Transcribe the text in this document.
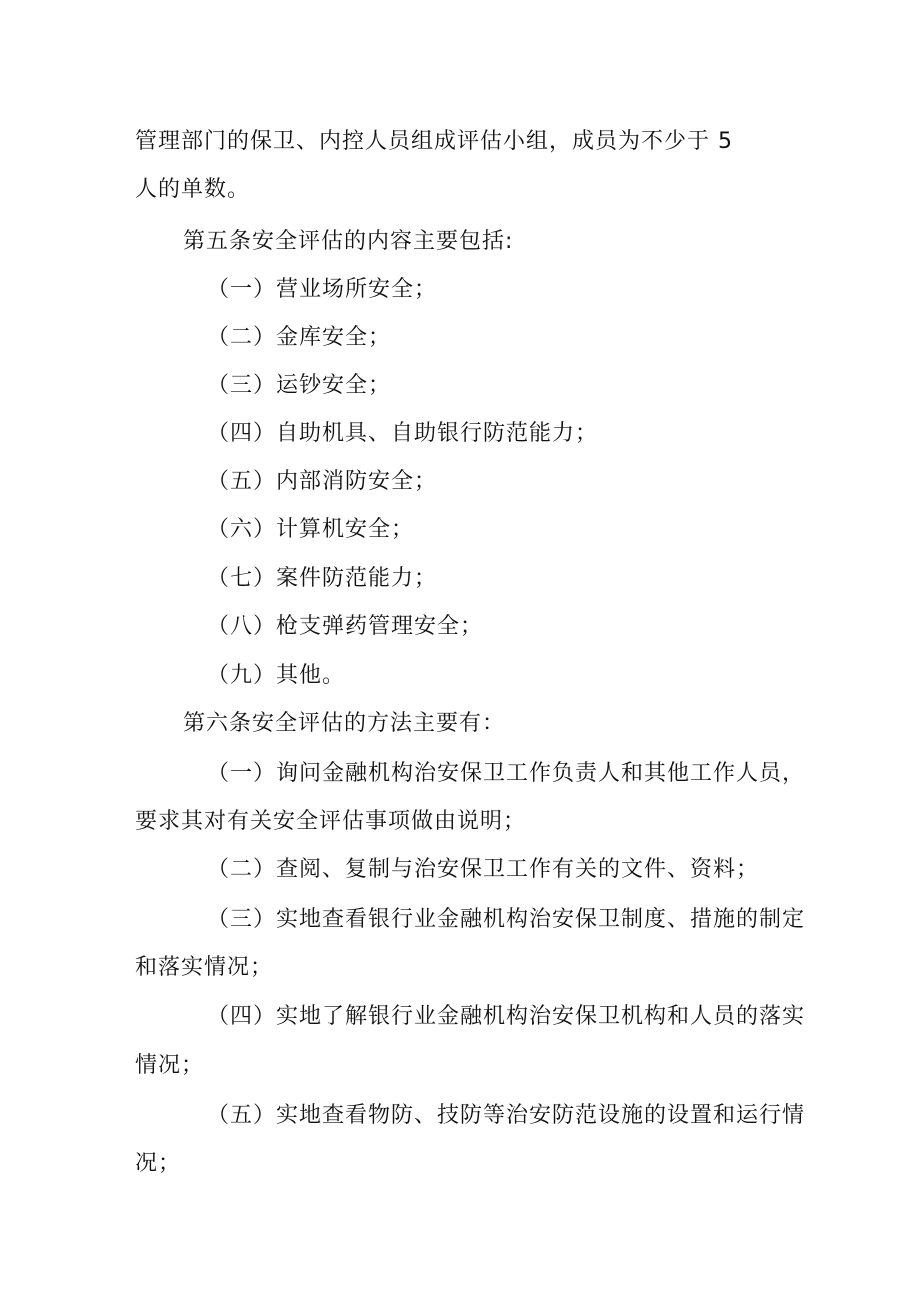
管理部门的保卫、内控人员组成评估小组，成员为不少于 5
人的单数。
第五条安全评估的内容主要包括:
（一）营业场所安全；
（二）金库安全；
（三）运钞安全；
（四）自助机具、自助银行防范能力；
（五）内部消防安全；
（六）计算机安全；
（七）案件防范能力；
（八）枪支弹药管理安全；
（九）其他。
第六条安全评估的方法主要有：
（一）询问金融机构治安保卫工作负责人和其他工作人员，
要求其对有关安全评估事项做由说明；
（二）查阅、复制与治安保卫工作有关的文件、资料；
（三）实地查看银行业金融机构治安保卫制度、措施的制定
和落实情况；
（四）实地了解银行业金融机构治安保卫机构和人员的落实
情况；
（五）实地查看物防、技防等治安防范设施的设置和运行情
况；
